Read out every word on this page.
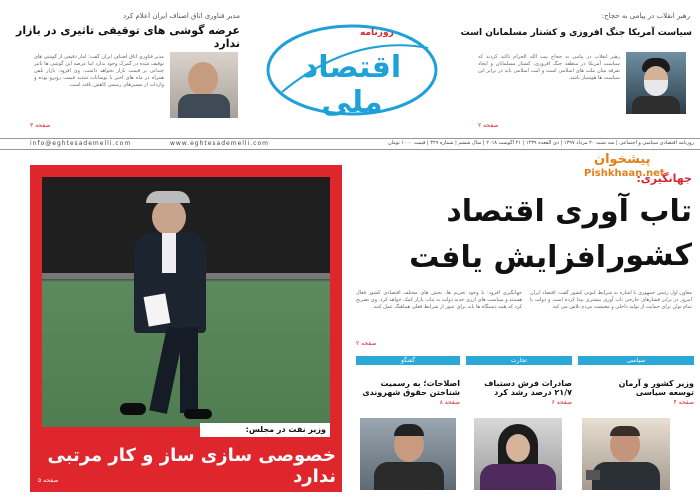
مدیر فناوری اتاق اصناف ایران اعلام کرد
عرضه گوشی های توقیفی تاثیری در بازار ندارد
مدیر فناوری اتاق اصناف ایران گفت: آمار دقیقی از گوشی های توقیف شده در گمرک وجود ندارد اما عرضه این گوشی ها تاثیر چندانی بر قیمت بازار نخواهد داشت. وی افزود: بازار تلفن همراه در ماه های اخیر با نوسانات شدید قیمت روبرو بوده و واردات از مسیرهای رسمی کاهش یافته است.
صفحه ۳
روزنامه
اقتصاد ملی
رهبر انقلاب در پیامی به حجاج:
سیاست آمریکا جنگ افروزی و کشتار مسلمانان است
رهبر انقلاب در پیامی به حجاج بیت الله الحرام تاکید کردند که سیاست آمریکا در منطقه جنگ افروزی، کشتار مسلمانان و ایجاد تفرقه میان ملت های اسلامی است و امت اسلامی باید در برابر این سیاست ها هوشیار باشد.
صفحه ۲
info@eghtesademelli.com	www.eghtesademelli.com	روزنامه اقتصادی سیاسی و اجتماعی | سه شنبه ۲۰ مرداد ۱۳۹۷ | ذی القعده ۱۴۳۹ | ۲۱ آگوست ۲۰۱۸ | سال ششم | شماره ۳۲۹ | قیمت ۱۰۰۰ تومان
وزیر نفت در مجلس:
خصوصی سازی ساز و کار مرتبی ندارد
صفحه ۵
پیشخوان
Pishkhaan.net
جهانگیری:
تاب آوری اقتصاد کشور
افزایش یافت
معاون اول رئیس جمهوری با اشاره به شرایط کنونی کشور گفت: اقتصاد ایران امروز در برابر فشارهای خارجی تاب آوری بیشتری پیدا کرده است و دولت با تمام توان برای حمایت از تولید داخلی و معیشت مردم تلاش می کند.
جهانگیری افزود: با وجود تحریم ها، بخش های مختلف اقتصادی کشور فعال هستند و سیاست های ارزی جدید دولت به ثبات بازار کمک خواهد کرد. وی تصریح کرد که همه دستگاه ها باید برای عبور از شرایط فعلی هماهنگ عمل کنند.
صفحه ۲
سیاسی
وزیر کشور و آرمان
توسعه سیاسی
صفحه ۴
تجارت
صادرات فرش دستباف
۲۱/۷ درصد رشد کرد
صفحه ۶
گفتگو
اصلاحات؛ به رسمیت
شناختن حقوق شهروندی
صفحه ۸
